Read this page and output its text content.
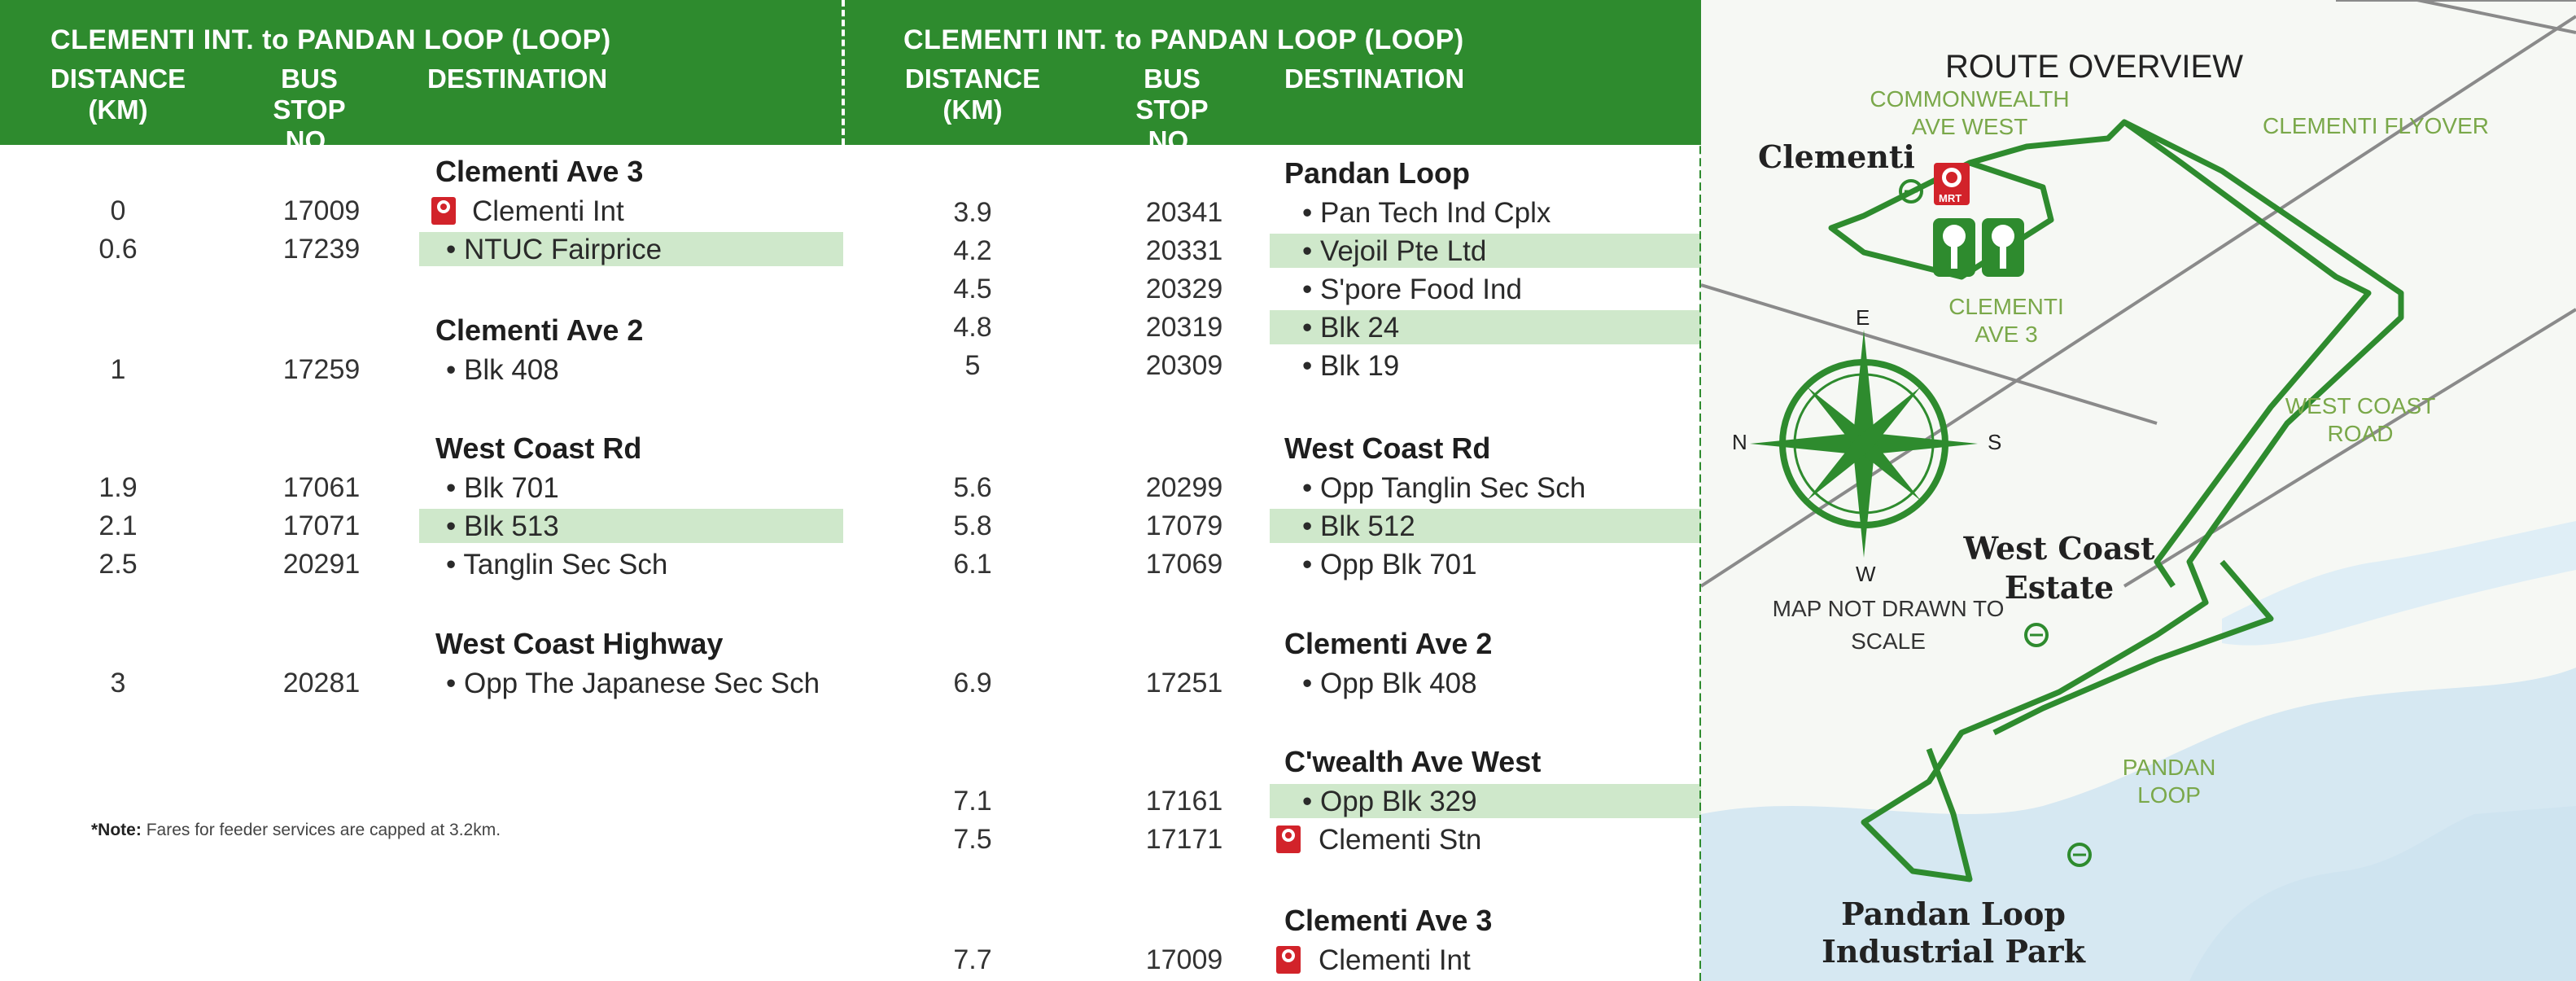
CLEMENTI INT. to PANDAN LOOP (LOOP)
DISTANCE (KM)
BUS STOP NO.
DESTINATION
Clementi Ave 3
0	17009	Clementi Int
0.6	17239	• NTUC Fairprice
Clementi Ave 2
1	17259	• Blk 408
West Coast Rd
1.9	17061	• Blk 701
2.1	17071	• Blk 513
2.5	20291	• Tanglin Sec Sch
West Coast Highway
3	20281	• Opp The Japanese Sec Sch
*Note: Fares for feeder services are capped at 3.2km.
CLEMENTI INT. to PANDAN LOOP (LOOP)
DISTANCE (KM)
BUS STOP NO.
DESTINATION
Pandan Loop
3.9	20341	• Pan Tech Ind Cplx
4.2	20331	• Vejoil Pte Ltd
4.5	20329	• S'pore Food Ind
4.8	20319	• Blk 24
5	20309	• Blk 19
West Coast Rd
5.6	20299	• Opp Tanglin Sec Sch
5.8	17079	• Blk 512
6.1	17069	• Opp Blk 701
Clementi Ave 2
6.9	17251	• Opp Blk 408
C'wealth Ave West
7.1	17161	• Opp Blk 329
7.5	17171	Clementi Stn
Clementi Ave 3
7.7	17009	Clementi Int
ROUTE OVERVIEW
COMMONWEALTH AVE WEST	CLEMENTI FLYOVER
CLEMENTI AVE 3
WEST COAST ROAD
PANDAN LOOP
MAP NOT DRAWN TO SCALE
Clementi
West Coast Estate
Pandan Loop Industrial Park
N
E
S
W
MRT
